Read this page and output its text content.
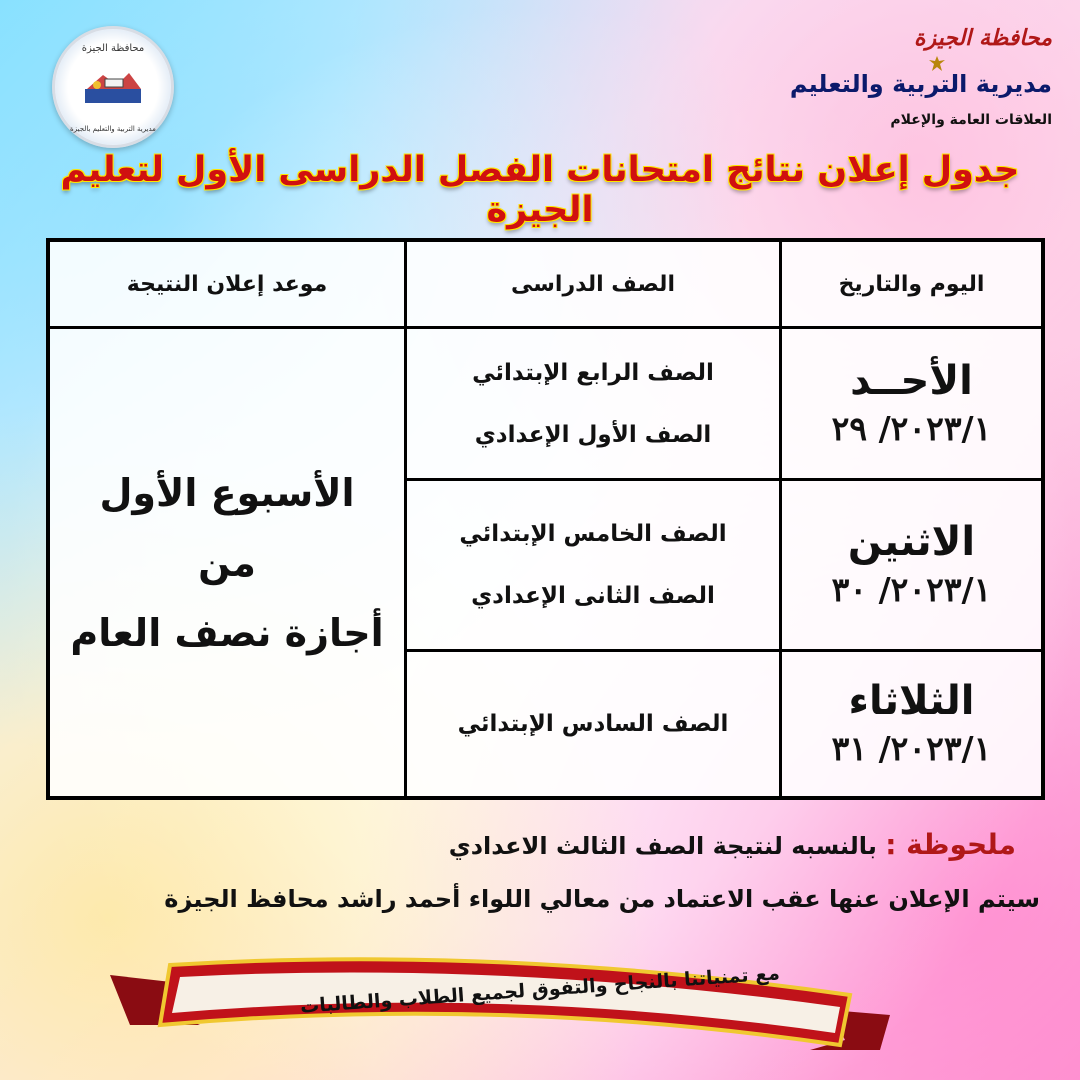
محافظة الجيزة
مديرية التربية والتعليم بالجيزة
محافظة الجيزة
مديرية التربية والتعليم
العلاقات العامة والإعلام
جدول إعلان نتائج امتحانات الفصل الدراسى الأول لتعليم الجيزة
اليوم والتاريخ
الصف الدراسى
موعد إعلان النتيجة
الأحــد
٢٠٢٣/١/ ٢٩
الصف الرابع الإبتدائي
الصف الأول الإعدادي
الاثنين
٢٠٢٣/١/ ٣٠
الصف الخامس الإبتدائي
الصف الثانى الإعدادي
الثلاثاء
٢٠٢٣/١/ ٣١
الصف السادس الإبتدائي
الأسبوع الأول
من
أجازة نصف العام
ملحوظة : بالنسبه لنتيجة الصف الثالث الاعدادي
سيتم الإعلان عنها عقب الاعتماد من معالي اللواء أحمد راشد محافظ الجيزة
مع تمنياتنا بالنجاح والتفوق لجميع الطلاب والطالبات
